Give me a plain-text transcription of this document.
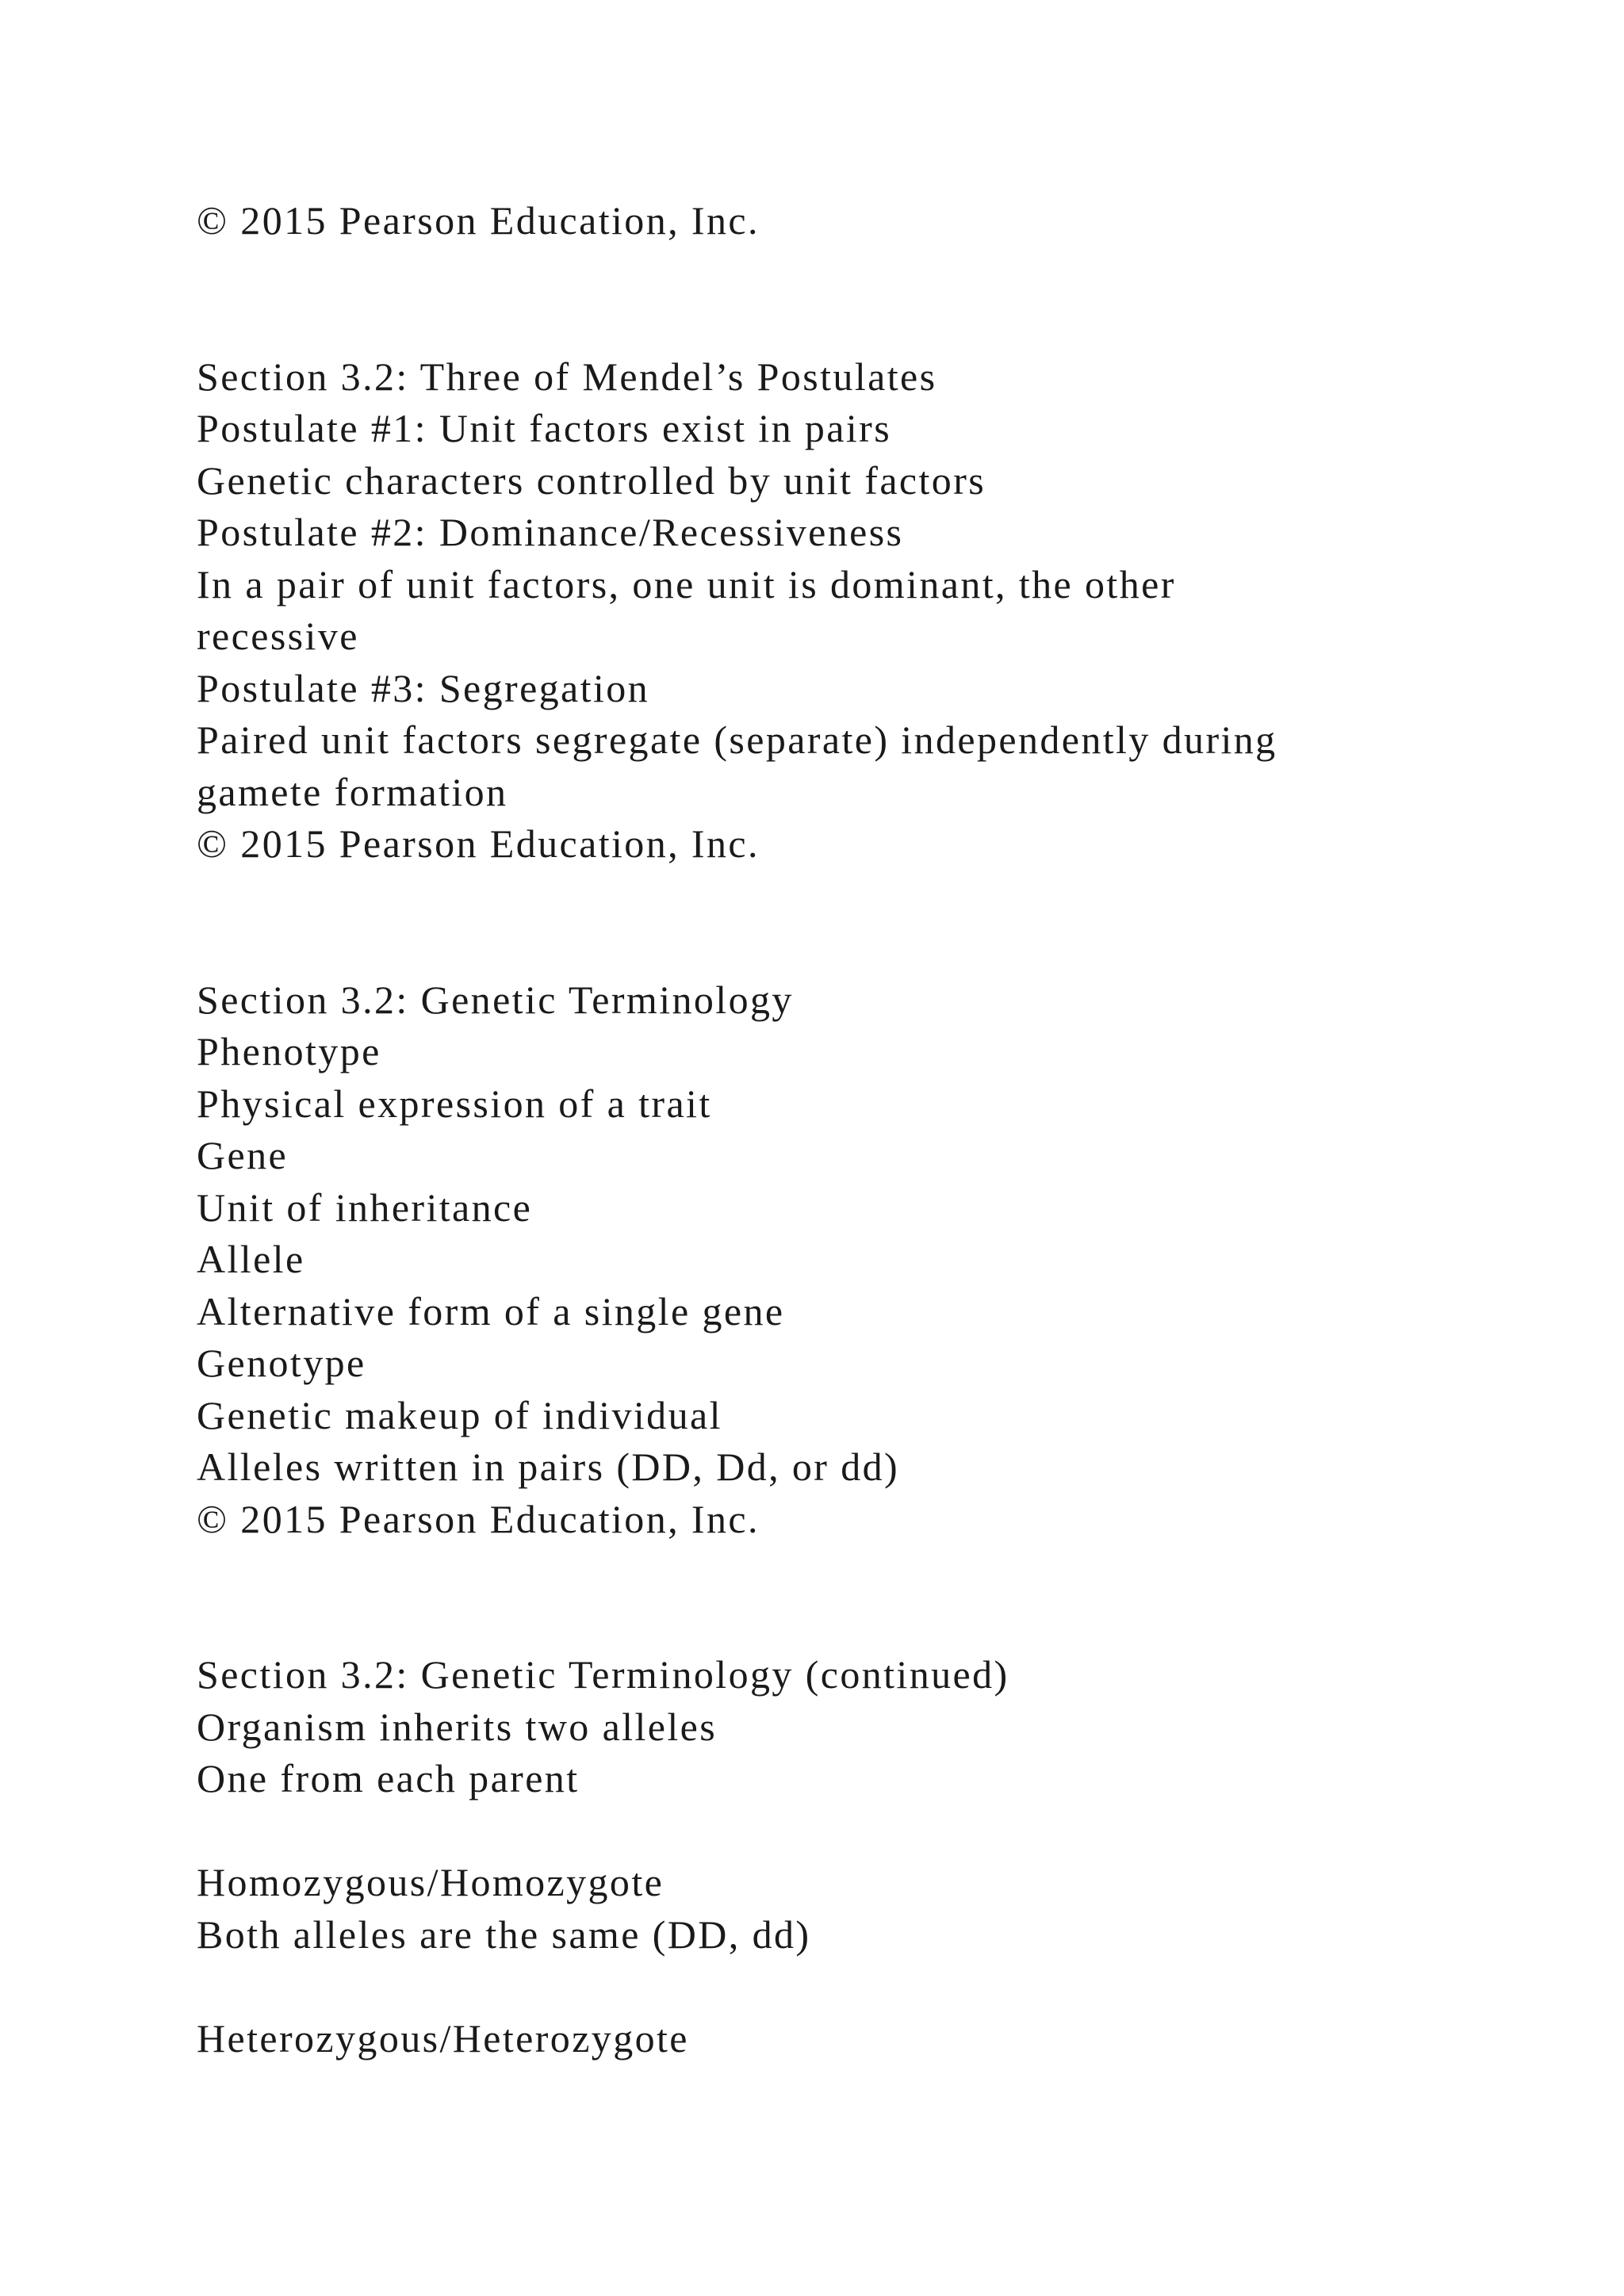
© 2015 Pearson Education, Inc.
Section 3.2: Three of Mendel’s Postulates
Postulate #1: Unit factors exist in pairs
Genetic characters controlled by unit factors
Postulate #2: Dominance/Recessiveness
In a pair of unit factors, one unit is dominant, the other
recessive
Postulate #3: Segregation
Paired unit factors segregate (separate) independently during
gamete formation
© 2015 Pearson Education, Inc.
Section 3.2: Genetic Terminology
Phenotype
Physical expression of a trait
Gene
Unit of inheritance
Allele
Alternative form of a single gene
Genotype
Genetic makeup of individual
Alleles written in pairs (DD, Dd, or dd)
© 2015 Pearson Education, Inc.
Section 3.2: Genetic Terminology (continued)
Organism inherits two alleles
One from each parent
Homozygous/Homozygote
Both alleles are the same (DD, dd)
Heterozygous/Heterozygote
